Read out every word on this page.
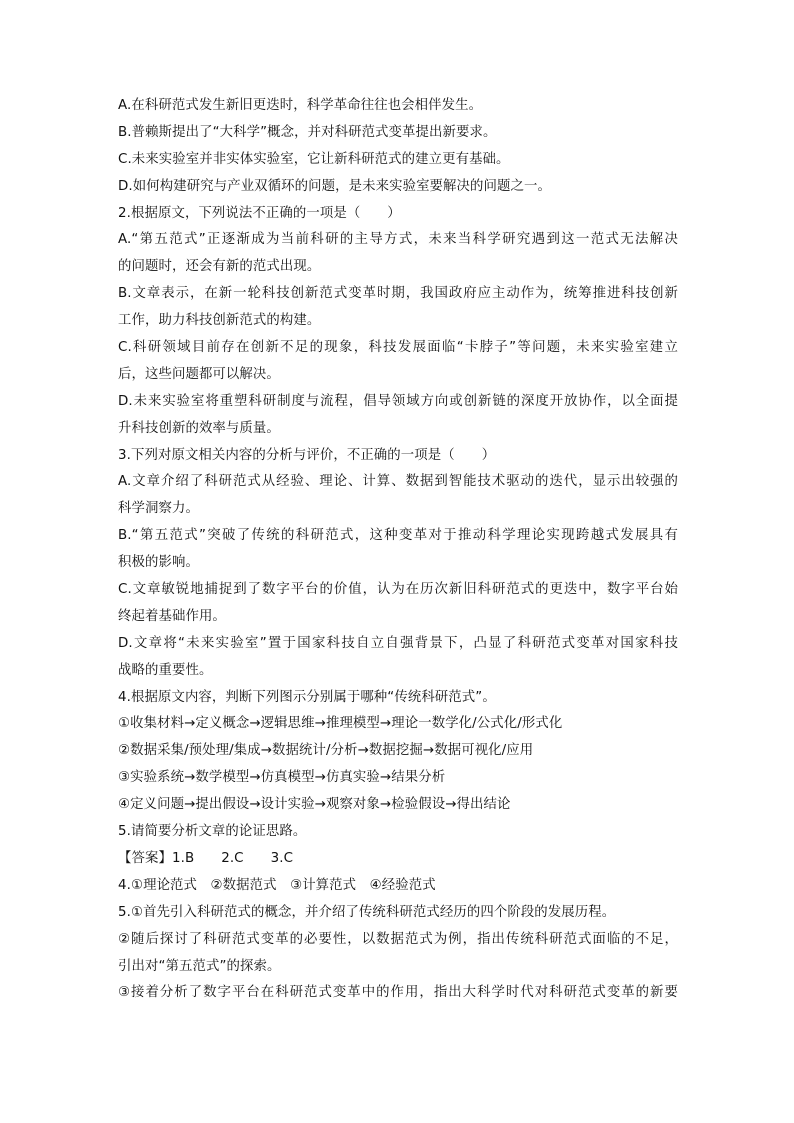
A.在科研范式发生新旧更迭时，科学革命往往也会相伴发生。
B.普赖斯提出了“大科学”概念，并对科研范式变革提出新要求。
C.未来实验室并非实体实验室，它让新科研范式的建立更有基础。
D.如何构建研究与产业双循环的问题，是未来实验室要解决的问题之一。
2.根据原文，下列说法不正确的一项是（　　）
A.“第五范式”正逐渐成为当前科研的主导方式，未来当科学研究遇到这一范式无法解决
的问题时，还会有新的范式出现。
B.文章表示，在新一轮科技创新范式变革时期，我国政府应主动作为，统筹推进科技创新
工作，助力科技创新范式的构建。
C.科研领域目前存在创新不足的现象，科技发展面临“卡脖子”等问题，未来实验室建立
后，这些问题都可以解决。
D.未来实验室将重塑科研制度与流程，倡导领域方向或创新链的深度开放协作，以全面提
升科技创新的效率与质量。
3.下列对原文相关内容的分析与评价，不正确的一项是（　　）
A.文章介绍了科研范式从经验、理论、计算、数据到智能技术驱动的迭代，显示出较强的
科学洞察力。
B.“第五范式”突破了传统的科研范式，这种变革对于推动科学理论实现跨越式发展具有
积极的影响。
C.文章敏锐地捕捉到了数字平台的价值，认为在历次新旧科研范式的更迭中，数字平台始
终起着基础作用。
D.文章将“未来实验室”置于国家科技自立自强背景下，凸显了科研范式变革对国家科技
战略的重要性。
4.根据原文内容，判断下列图示分别属于哪种“传统科研范式”。
①收集材料→定义概念→逻辑思维→推理模型→理论一数学化/公式化/形式化
②数据采集/预处理/集成→数据统计/分析→数据挖掘→数据可视化/应用
③实验系统→数学模型→仿真模型→仿真实验→结果分析
④定义问题→提出假设→设计实验→观察对象→检验假设→得出结论
5.请简要分析文章的论证思路。
【答案】1.B　　2.C　　3.C
4.①理论范式　②数据范式　③计算范式　④经验范式
5.①首先引入科研范式的概念，并介绍了传统科研范式经历的四个阶段的发展历程。
②随后探讨了科研范式变革的必要性，以数据范式为例，指出传统科研范式面临的不足，
引出对“第五范式”的探索。
③接着分析了数字平台在科研范式变革中的作用，指出大科学时代对科研范式变革的新要
